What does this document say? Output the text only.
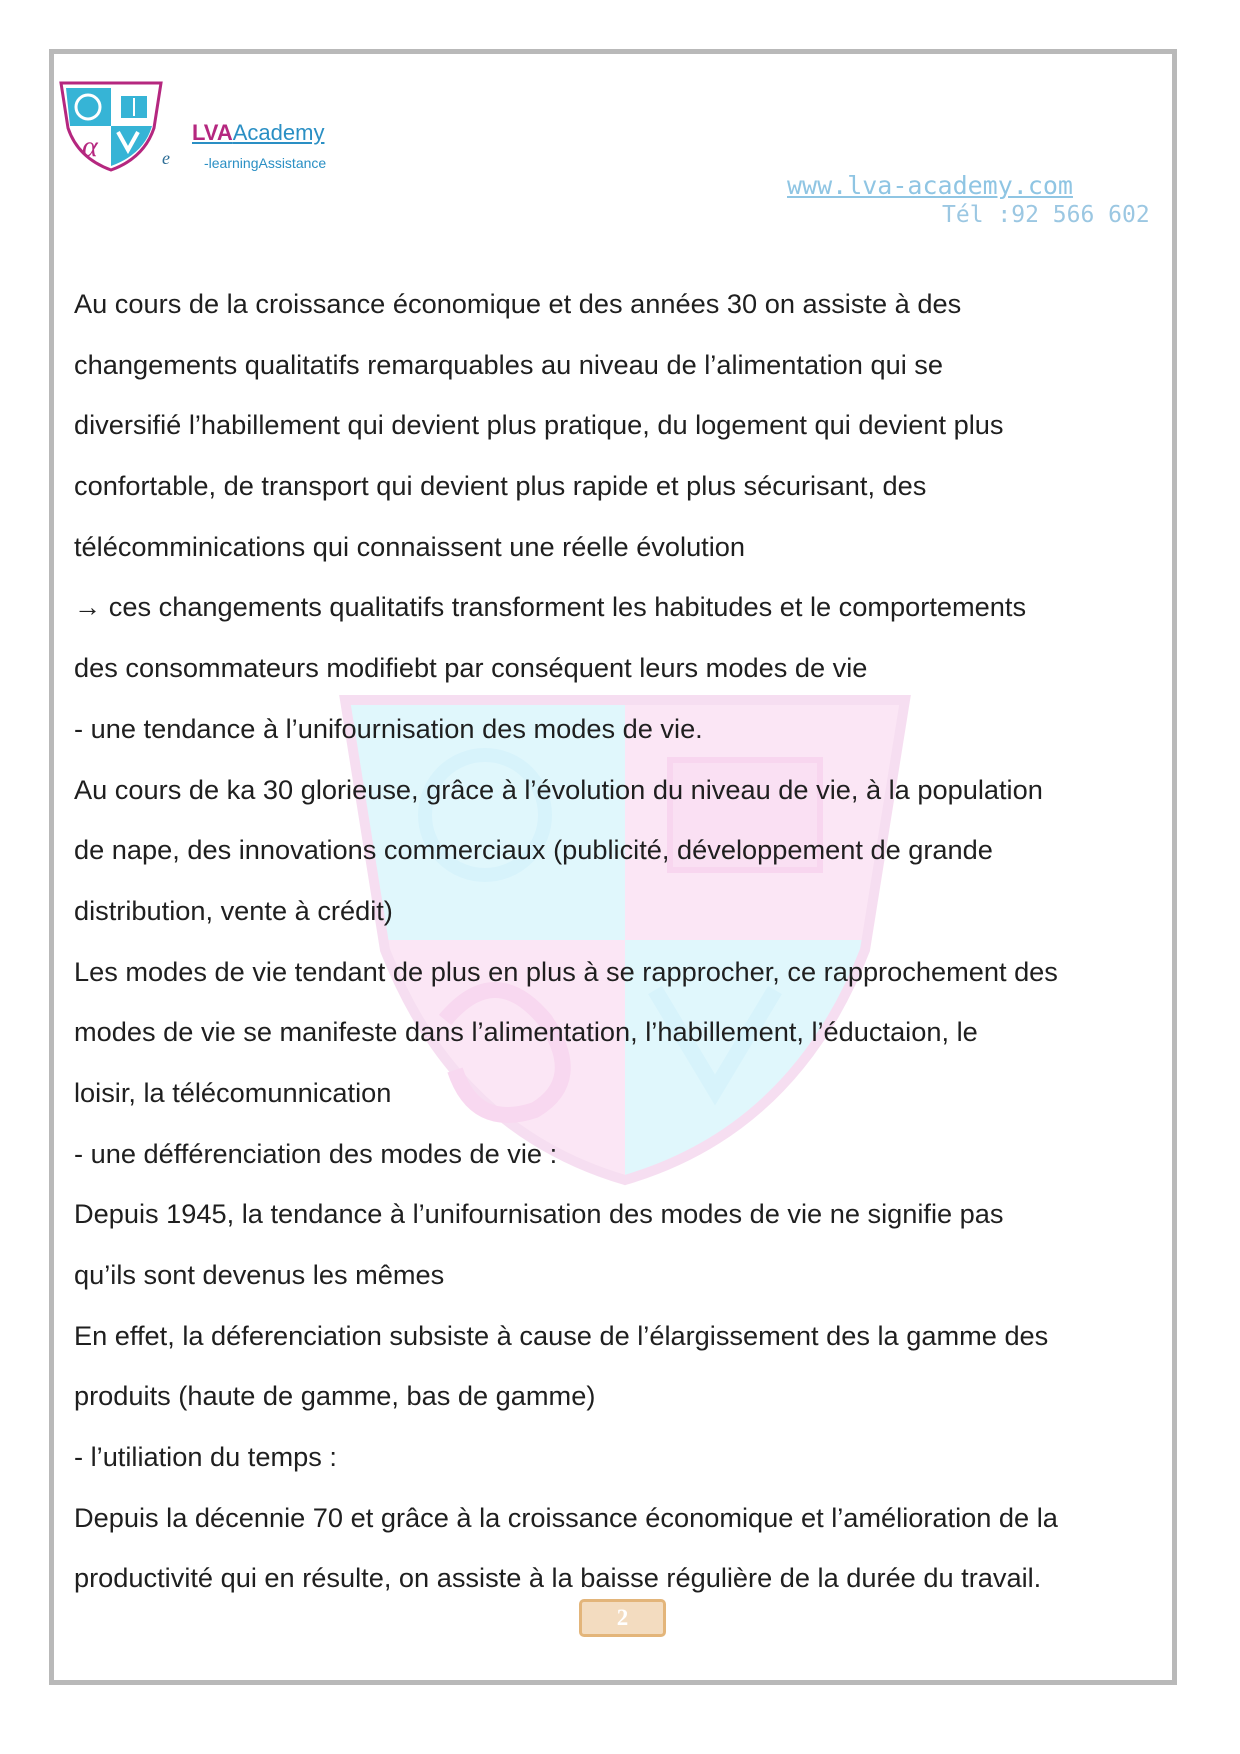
α	e
LVAAcademy
-learningAssistance
www.lva-academy.com
Tél :92 566 602
Au cours de la croissance économique et des années 30 on assiste à des
changements qualitatifs remarquables au niveau de l’alimentation qui se
diversifié l’habillement qui devient plus pratique, du logement qui devient plus
confortable, de transport qui devient plus rapide et plus sécurisant, des
télécomminications qui connaissent une réelle évolution
→ ces changements qualitatifs transforment les habitudes et le comportements
des consommateurs modifiebt par conséquent leurs modes de vie
- une tendance à l’unifournisation des modes de vie.
Au cours de ka 30 glorieuse, grâce à l’évolution du niveau de vie, à la population
de nape, des innovations commerciaux (publicité, développement de grande
distribution, vente à crédit)
Les modes de vie tendant de plus en plus à se rapprocher, ce rapprochement des
modes de vie se manifeste dans l’alimentation, l’habillement, l’éductaion, le
loisir, la télécomunnication
- une défférenciation des modes de vie :
Depuis 1945, la tendance à l’unifournisation des modes de vie ne signifie pas
qu’ils sont devenus les mêmes
En effet, la déferenciation subsiste à cause de l’élargissement des la gamme des
produits (haute de gamme, bas de gamme)
- l’utiliation du temps :
Depuis la décennie 70 et grâce à la croissance économique et l’amélioration de la
productivité qui en résulte, on assiste à la baisse régulière de la durée du travail.
2
